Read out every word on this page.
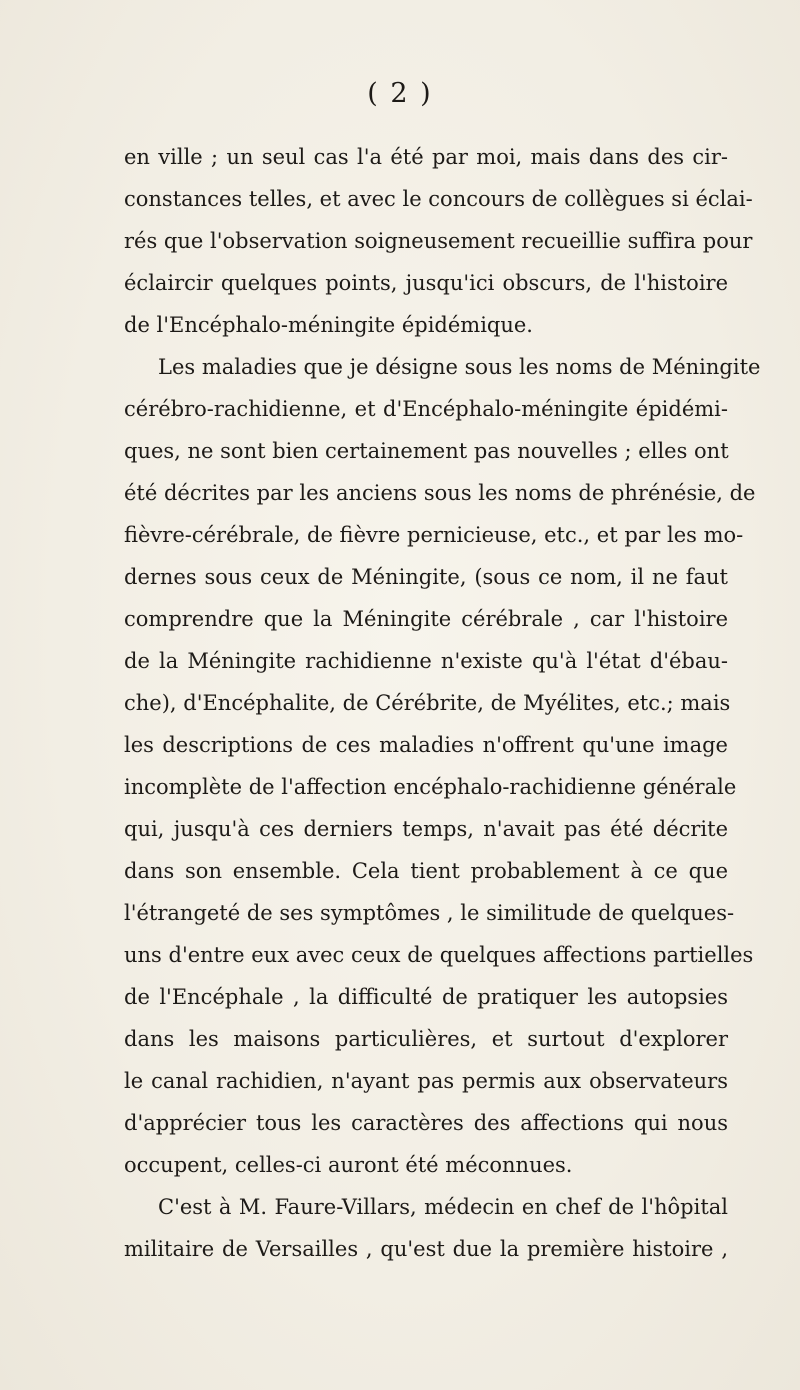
( 2 )
en ville ; un seul cas l'a été par moi, mais dans des cir-
constances telles, et avec le concours de collègues si éclai-
rés que l'observation soigneusement recueillie suffira pour
éclaircir quelques points, jusqu'ici obscurs, de l'histoire
de l'Encéphalo-méningite épidémique.
Les maladies que je désigne sous les noms de Méningite
cérébro-rachidienne, et d'Encéphalo-méningite épidémi-
ques, ne sont bien certainement pas nouvelles ; elles ont
été décrites par les anciens sous les noms de phrénésie, de
fièvre-cérébrale, de fièvre pernicieuse, etc., et par les mo-
dernes sous ceux de Méningite, (sous ce nom, il ne faut
comprendre que la Méningite cérébrale , car l'histoire
de la Méningite rachidienne n'existe qu'à l'état d'ébau-
che), d'Encéphalite, de Cérébrite, de Myélites, etc.; mais
les descriptions de ces maladies n'offrent qu'une image
incomplète de l'affection encéphalo-rachidienne générale
qui, jusqu'à ces derniers temps, n'avait pas été décrite
dans son ensemble. Cela tient probablement à ce que
l'étrangeté de ses symptômes , le similitude de quelques-
uns d'entre eux avec ceux de quelques affections partielles
de l'Encéphale , la difficulté de pratiquer les autopsies
dans les maisons particulières, et surtout d'explorer
le canal rachidien, n'ayant pas permis aux observateurs
d'apprécier tous les caractères des affections qui nous
occupent, celles-ci auront été méconnues.
C'est à M. Faure-Villars, médecin en chef de l'hôpital
militaire de Versailles , qu'est due la première histoire ,
